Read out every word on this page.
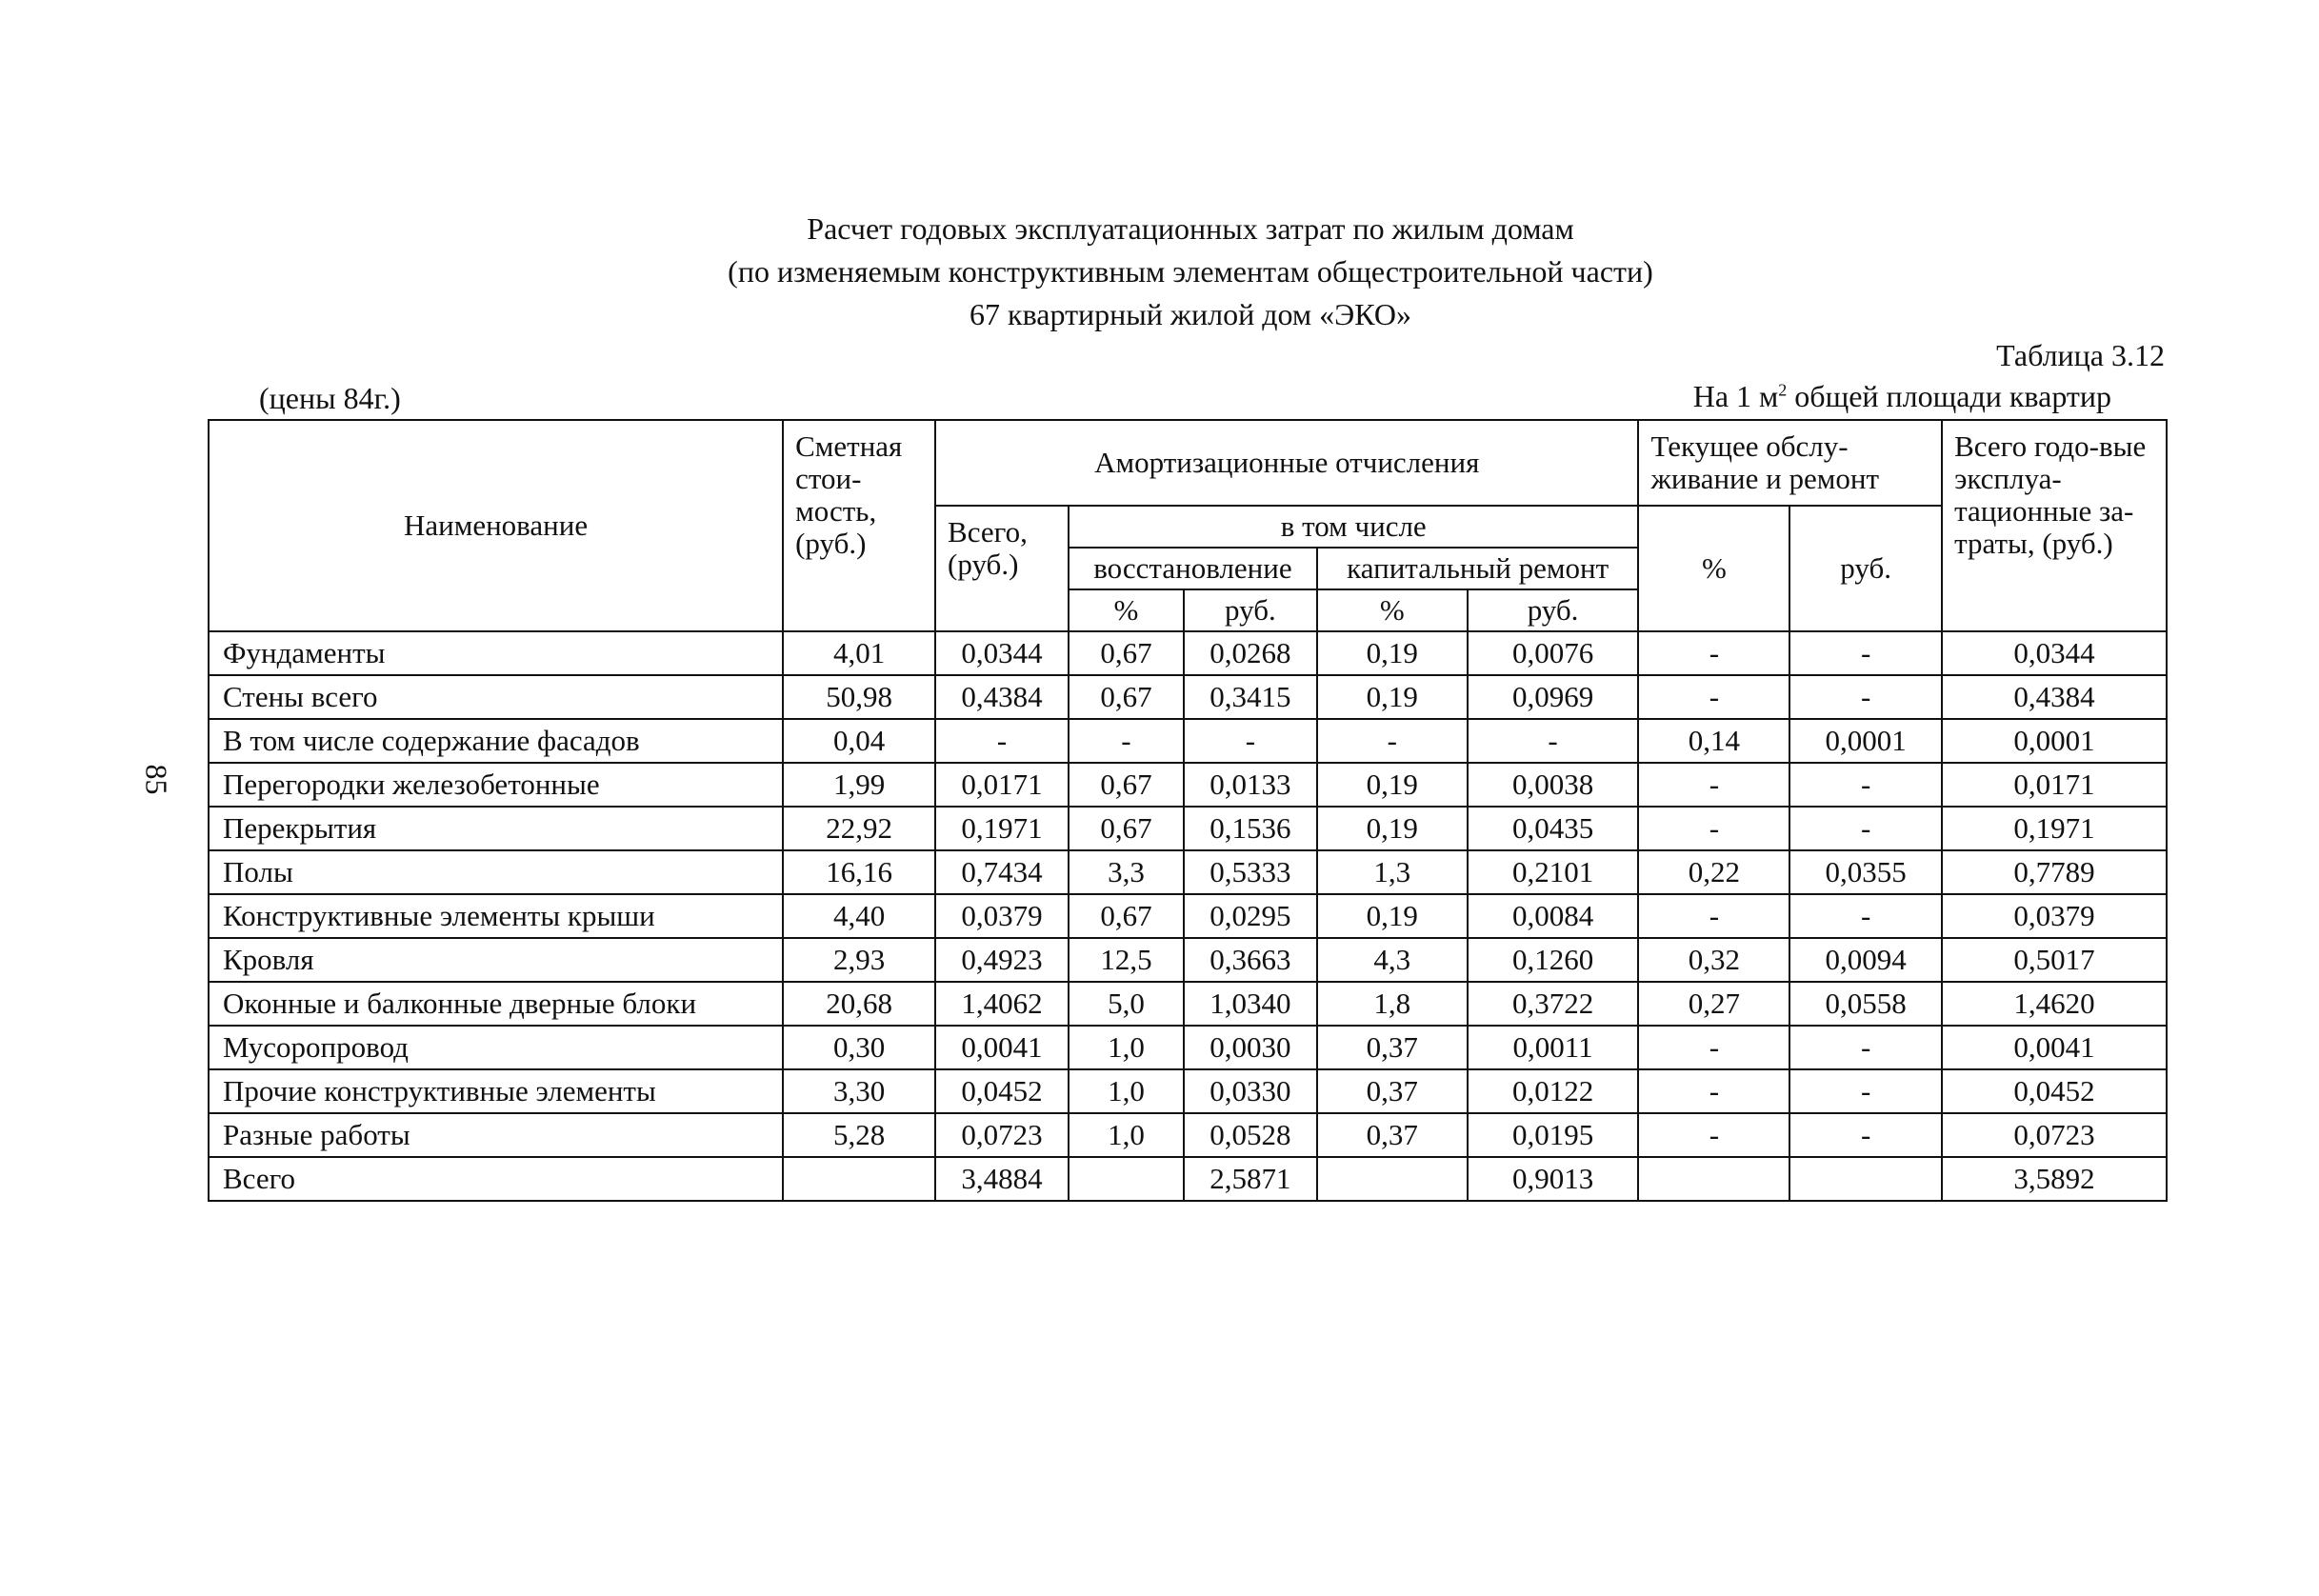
Расчет годовых эксплуатационных затрат по жилым домам
(по изменяемым конструктивным элементам общестроительной части)
67 квартирный жилой дом «ЭКО»
Таблица 3.12
(цены 84г.)	На 1 $м^2$ общей площади квартир
85
Наименование	Сметная стои-мость, (руб.)	Амортизационные отчисления					Текущее обслу-живание и ремонт		Всего годо-вые эксплуа-тационные за-траты, (руб.)
		Всего, (руб.)	в том числе				%	руб.	
			восстановление		капитальный ремонт				
			%	руб.	%	руб.			
Фундаменты	4,01	0,0344	0,67	0,0268	0,19	0,0076	-	-	0,0344
Стены всего	50,98	0,4384	0,67	0,3415	0,19	0,0969	-	-	0,4384
В том числе содержание фасадов	0,04	-	-	-	-	-	0,14	0,0001	0,0001
Перегородки железобетонные	1,99	0,0171	0,67	0,0133	0,19	0,0038	-	-	0,0171
Перекрытия	22,92	0,1971	0,67	0,1536	0,19	0,0435	-	-	0,1971
Полы	16,16	0,7434	3,3	0,5333	1,3	0,2101	0,22	0,0355	0,7789
Конструктивные элементы крыши	4,40	0,0379	0,67	0,0295	0,19	0,0084	-	-	0,0379
Кровля	2,93	0,4923	12,5	0,3663	4,3	0,1260	0,32	0,0094	0,5017
Оконные и балконные дверные блоки	20,68	1,4062	5,0	1,0340	1,8	0,3722	0,27	0,0558	1,4620
Мусоропровод	0,30	0,0041	1,0	0,0030	0,37	0,0011	-	-	0,0041
Прочие конструктивные элементы	3,30	0,0452	1,0	0,0330	0,37	0,0122	-	-	0,0452
Разные работы	5,28	0,0723	1,0	0,0528	0,37	0,0195	-	-	0,0723
Всего		3,4884		2,5871		0,9013			3,5892
